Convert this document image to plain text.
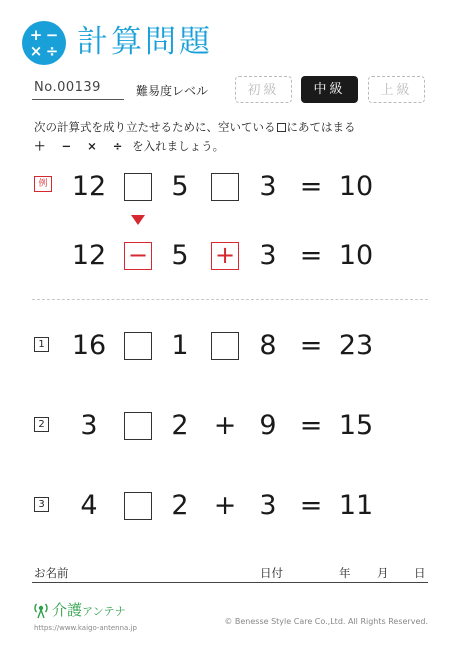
+ −
× ÷ 計算問題
No.00139	難易度レベル	初級	中級	上級
次の計算式を成り立たせるために、空いている にあてはまる
＋ − × ÷ を入れましょう。
例 12 5	3 = 10
12 − 5 + 3 = 10
1 16 1	8 = 23
2	3	2 + 9 = 15
3	4	2 + 3 = 11
お名前	日付	年 月 日
介護アンテナ
https://www.kaigo-antenna.jp
© Benesse Style Care Co.,Ltd. All Rights Reserved.
